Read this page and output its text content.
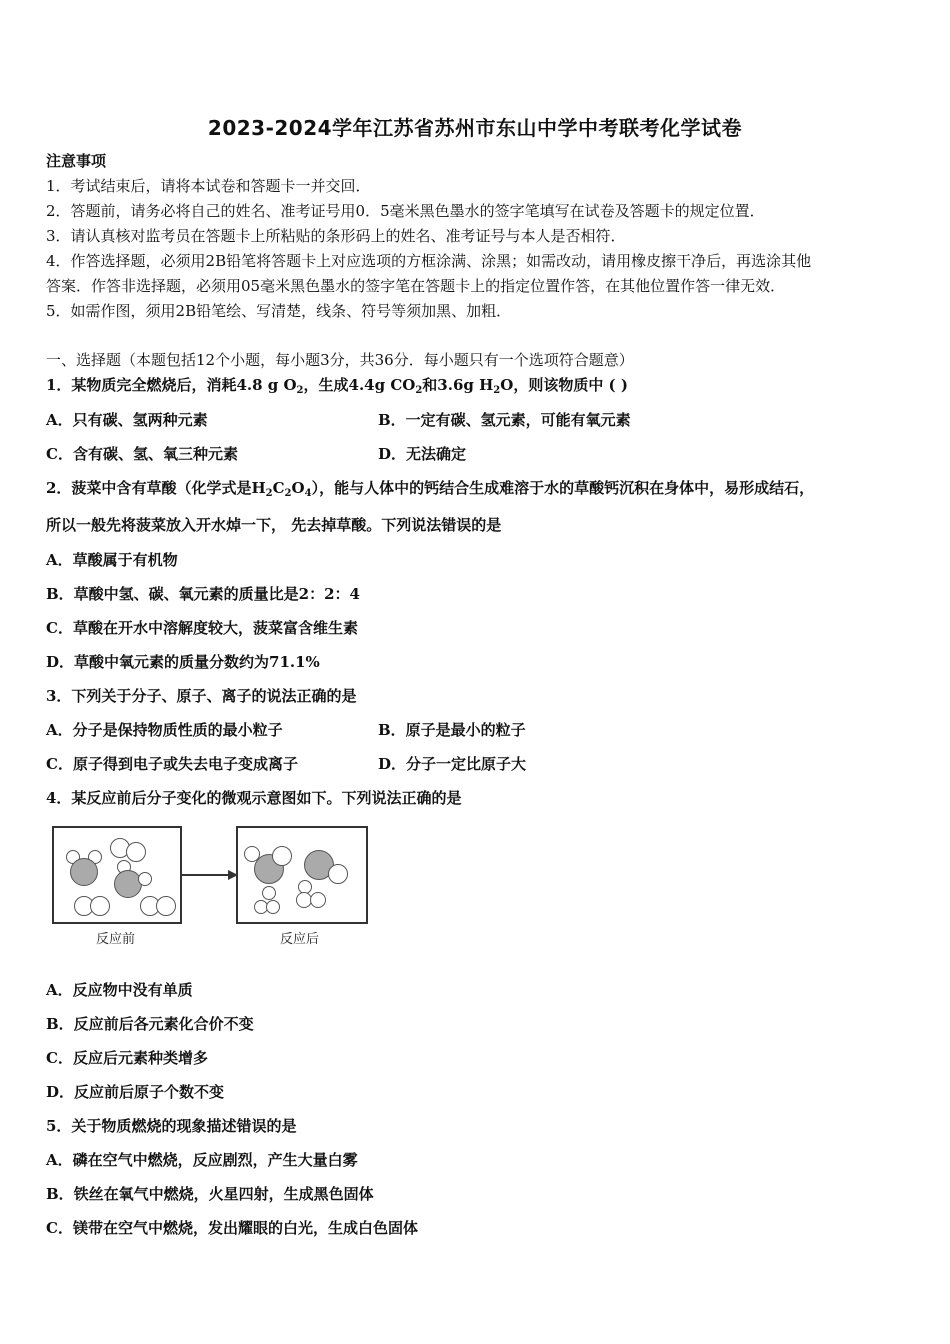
2023-2024学年江苏省苏州市东山中学中考联考化学试卷
注意事项
1．考试结束后，请将本试卷和答题卡一并交回．
2．答题前，请务必将自己的姓名、准考证号用0．5毫米黑色墨水的签字笔填写在试卷及答题卡的规定位置．
3．请认真核对监考员在答题卡上所粘贴的条形码上的姓名、准考证号与本人是否相符．
4．作答选择题，必须用2B铅笔将答题卡上对应选项的方框涂满、涂黑；如需改动，请用橡皮擦干净后，再选涂其他
答案．作答非选择题，必须用05毫米黑色墨水的签字笔在答题卡上的指定位置作答，在其他位置作答一律无效．
5．如需作图，须用2B铅笔绘、写清楚，线条、符号等须加黑、加粗．
一、选择题（本题包括12个小题，每小题3分，共36分．每小题只有一个选项符合题意）
1．某物质完全燃烧后，消耗4.8 g $O_2$，生成4.4g $CO_2$和3.6g $H_2O$，则该物质中 ( )
A．只有碳、氢两种元素	B．一定有碳、氢元素，可能有氧元素
C．含有碳、氢、氧三种元素	D．无法确定
2．菠菜中含有草酸（化学式是$H_2C_2O_4$），能与人体中的钙结合生成难溶于水的草酸钙沉积在身体中，易形成结石，
所以一般先将菠菜放入开水焯一下， 先去掉草酸。下列说法错误的是
A．草酸属于有机物
B．草酸中氢、碳、氧元素的质量比是2：2：4
C．草酸在开水中溶解度较大，菠菜富含维生素
D．草酸中氧元素的质量分数约为71.1%
3．下列关于分子、原子、离子的说法正确的是
A．分子是保持物质性质的最小粒子	B．原子是最小的粒子
C．原子得到电子或失去电子变成离子	D．分子一定比原子大
4．某反应前后分子变化的微观示意图如下。下列说法正确的是
反应前	反应后
A．反应物中没有单质
B．反应前后各元素化合价不变
C．反应后元素种类增多
D．反应前后原子个数不变
5．关于物质燃烧的现象描述错误的是
A．磷在空气中燃烧，反应剧烈，产生大量白雾
B．铁丝在氧气中燃烧，火星四射，生成黑色固体
C．镁带在空气中燃烧，发出耀眼的白光，生成白色固体
